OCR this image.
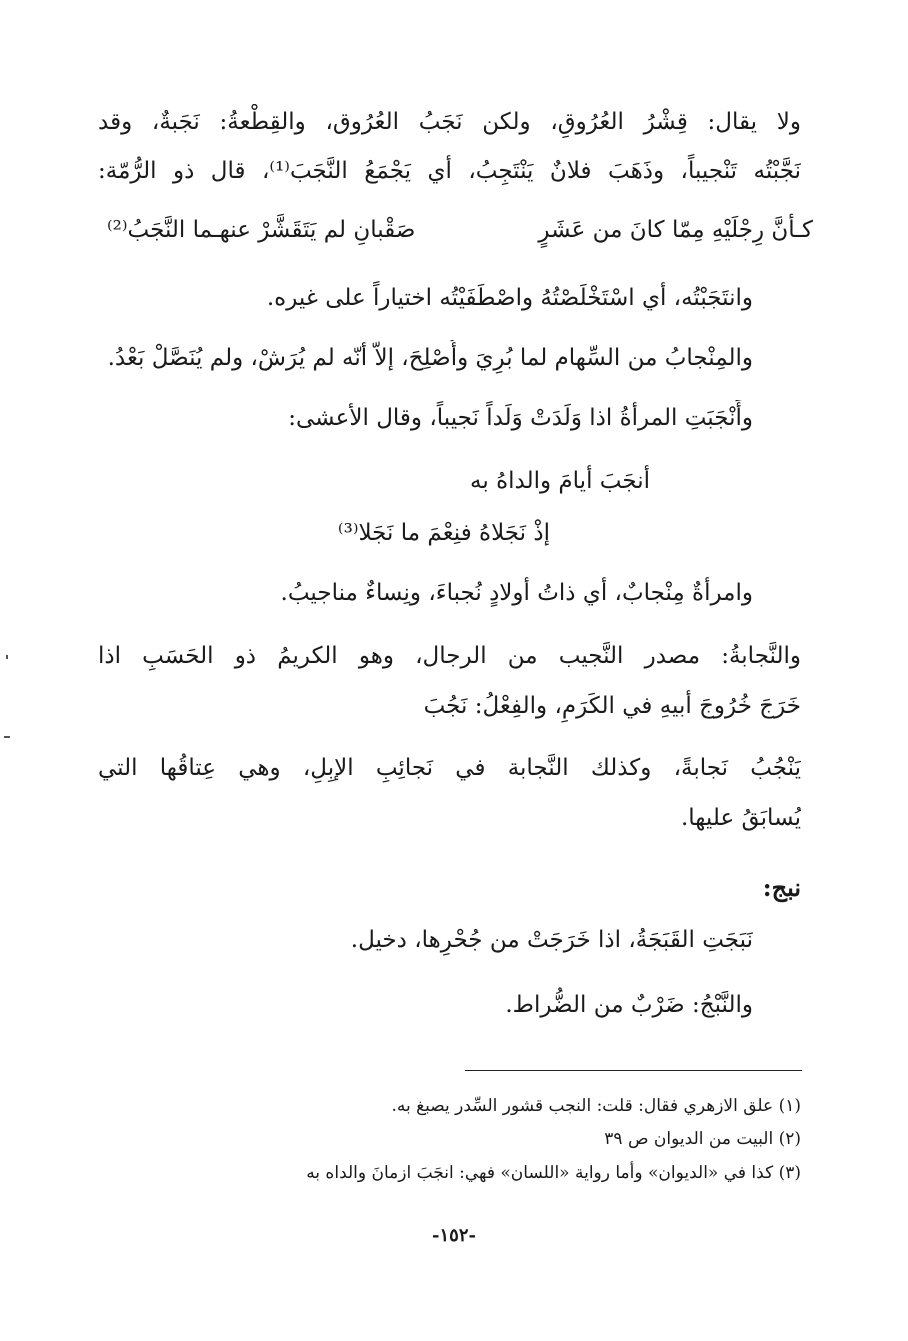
ولا يقال: قِشْرُ العُرُوقِ، ولكن نَجَبُ العُرُوق، والقِطْعةُ: نَجَبةٌ، وقد
نَجَّبْتُه تَنْجيباً، وذَهَبَ فلانٌ يَنْتَجِبُ، أي يَجْمَعُ النَّجَبَ⁽¹⁾، قال ذو الرُّمّة:
كـأنَّ رِجْلَيْهِ مِمّا كانَ من عَشَرٍ
صَقْبانِ لم يَتَقَشَّرْ عنهـما النَّجَبُ⁽²⁾
وانتَجَبْتُه، أي اسْتَخْلَصْتُهُ واصْطَفَيْتُه اختياراً على غيره.
والمِنْجابُ من السِّهام لما بُرِيَ وأُصْلِحَ، إلاّ أنّه لم يُرَشْ، ولم يُنَصَّلْ بَعْدُ.
وأَنْجَبَتِ المرأةُ اذا وَلَدَتْ وَلَداً نَجيباً، وقال الأعشى:
أنجَبَ أيامَ والداهُ به
إذْ نَجَلاهُ فنِعْمَ ما نَجَلا⁽³⁾
وامرأةٌ مِنْجابٌ، أي ذاتُ أولادٍ نُجباءَ، ونِساءٌ مناجيبُ.
والنَّجابةُ: مصدر النَّجيب من الرجال، وهو الكريمُ ذو الحَسَبِ اذا
خَرَجَ خُرُوجَ أبيهِ في الكَرَمِ، والفِعْلُ: نَجُبَ
يَنْجُبُ نَجابةً، وكذلك النَّجابة في نَجائِبِ الإبِلِ، وهي عِتاقُها التي
يُسابَقُ عليها.
نبج:
نَبَجَتِ القَبَجَةُ، اذا خَرَجَتْ من جُحْرِها، دخيل.
والنَّبْجُ: ضَرْبٌ من الضُّراط.
(١) علق الازهري فقال: قلت: النجب قشور السِّدر يصبغ به.
(٢) البيت من الديوان ص ٣٩
(٣) كذا في «الديوان» وأما رواية «اللسان» فهي: انجَبَ ازمانَ والداه به
-١٥٢-
